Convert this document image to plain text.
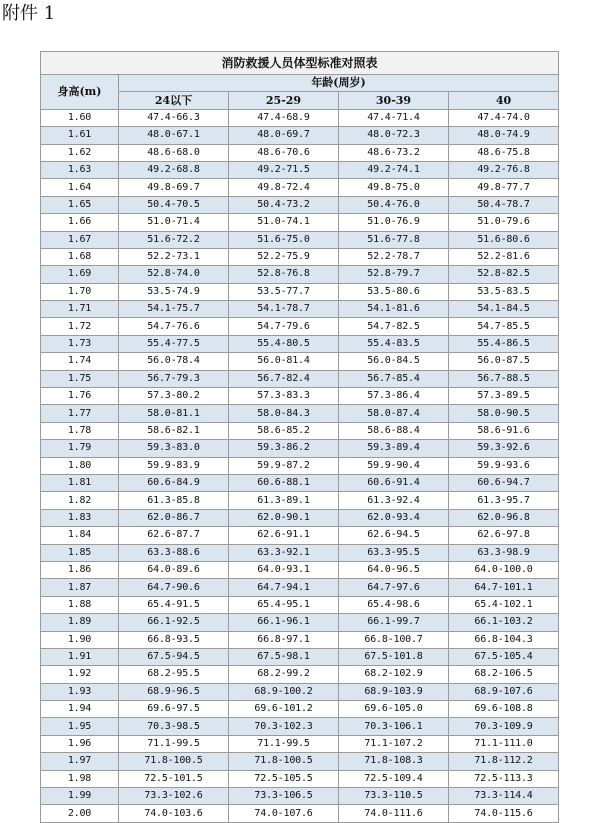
附件 1
消防救援人员体型标准对照表				
身高(m)	年龄(周岁)			
	24以下	25-29	30-39	40
1.60	47.4-66.3	47.4-68.9	47.4-71.4	47.4-74.0
1.61	48.0-67.1	48.0-69.7	48.0-72.3	48.0-74.9
1.62	48.6-68.0	48.6-70.6	48.6-73.2	48.6-75.8
1.63	49.2-68.8	49.2-71.5	49.2-74.1	49.2-76.8
1.64	49.8-69.7	49.8-72.4	49.8-75.0	49.8-77.7
1.65	50.4-70.5	50.4-73.2	50.4-76.0	50.4-78.7
1.66	51.0-71.4	51.0-74.1	51.0-76.9	51.0-79.6
1.67	51.6-72.2	51.6-75.0	51.6-77.8	51.6-80.6
1.68	52.2-73.1	52.2-75.9	52.2-78.7	52.2-81.6
1.69	52.8-74.0	52.8-76.8	52.8-79.7	52.8-82.5
1.70	53.5-74.9	53.5-77.7	53.5-80.6	53.5-83.5
1.71	54.1-75.7	54.1-78.7	54.1-81.6	54.1-84.5
1.72	54.7-76.6	54.7-79.6	54.7-82.5	54.7-85.5
1.73	55.4-77.5	55.4-80.5	55.4-83.5	55.4-86.5
1.74	56.0-78.4	56.0-81.4	56.0-84.5	56.0-87.5
1.75	56.7-79.3	56.7-82.4	56.7-85.4	56.7-88.5
1.76	57.3-80.2	57.3-83.3	57.3-86.4	57.3-89.5
1.77	58.0-81.1	58.0-84.3	58.0-87.4	58.0-90.5
1.78	58.6-82.1	58.6-85.2	58.6-88.4	58.6-91.6
1.79	59.3-83.0	59.3-86.2	59.3-89.4	59.3-92.6
1.80	59.9-83.9	59.9-87.2	59.9-90.4	59.9-93.6
1.81	60.6-84.9	60.6-88.1	60.6-91.4	60.6-94.7
1.82	61.3-85.8	61.3-89.1	61.3-92.4	61.3-95.7
1.83	62.0-86.7	62.0-90.1	62.0-93.4	62.0-96.8
1.84	62.6-87.7	62.6-91.1	62.6-94.5	62.6-97.8
1.85	63.3-88.6	63.3-92.1	63.3-95.5	63.3-98.9
1.86	64.0-89.6	64.0-93.1	64.0-96.5	64.0-100.0
1.87	64.7-90.6	64.7-94.1	64.7-97.6	64.7-101.1
1.88	65.4-91.5	65.4-95.1	65.4-98.6	65.4-102.1
1.89	66.1-92.5	66.1-96.1	66.1-99.7	66.1-103.2
1.90	66.8-93.5	66.8-97.1	66.8-100.7	66.8-104.3
1.91	67.5-94.5	67.5-98.1	67.5-101.8	67.5-105.4
1.92	68.2-95.5	68.2-99.2	68.2-102.9	68.2-106.5
1.93	68.9-96.5	68.9-100.2	68.9-103.9	68.9-107.6
1.94	69.6-97.5	69.6-101.2	69.6-105.0	69.6-108.8
1.95	70.3-98.5	70.3-102.3	70.3-106.1	70.3-109.9
1.96	71.1-99.5	71.1-99.5	71.1-107.2	71.1-111.0
1.97	71.8-100.5	71.8-100.5	71.8-108.3	71.8-112.2
1.98	72.5-101.5	72.5-105.5	72.5-109.4	72.5-113.3
1.99	73.3-102.6	73.3-106.5	73.3-110.5	73.3-114.4
2.00	74.0-103.6	74.0-107.6	74.0-111.6	74.0-115.6
